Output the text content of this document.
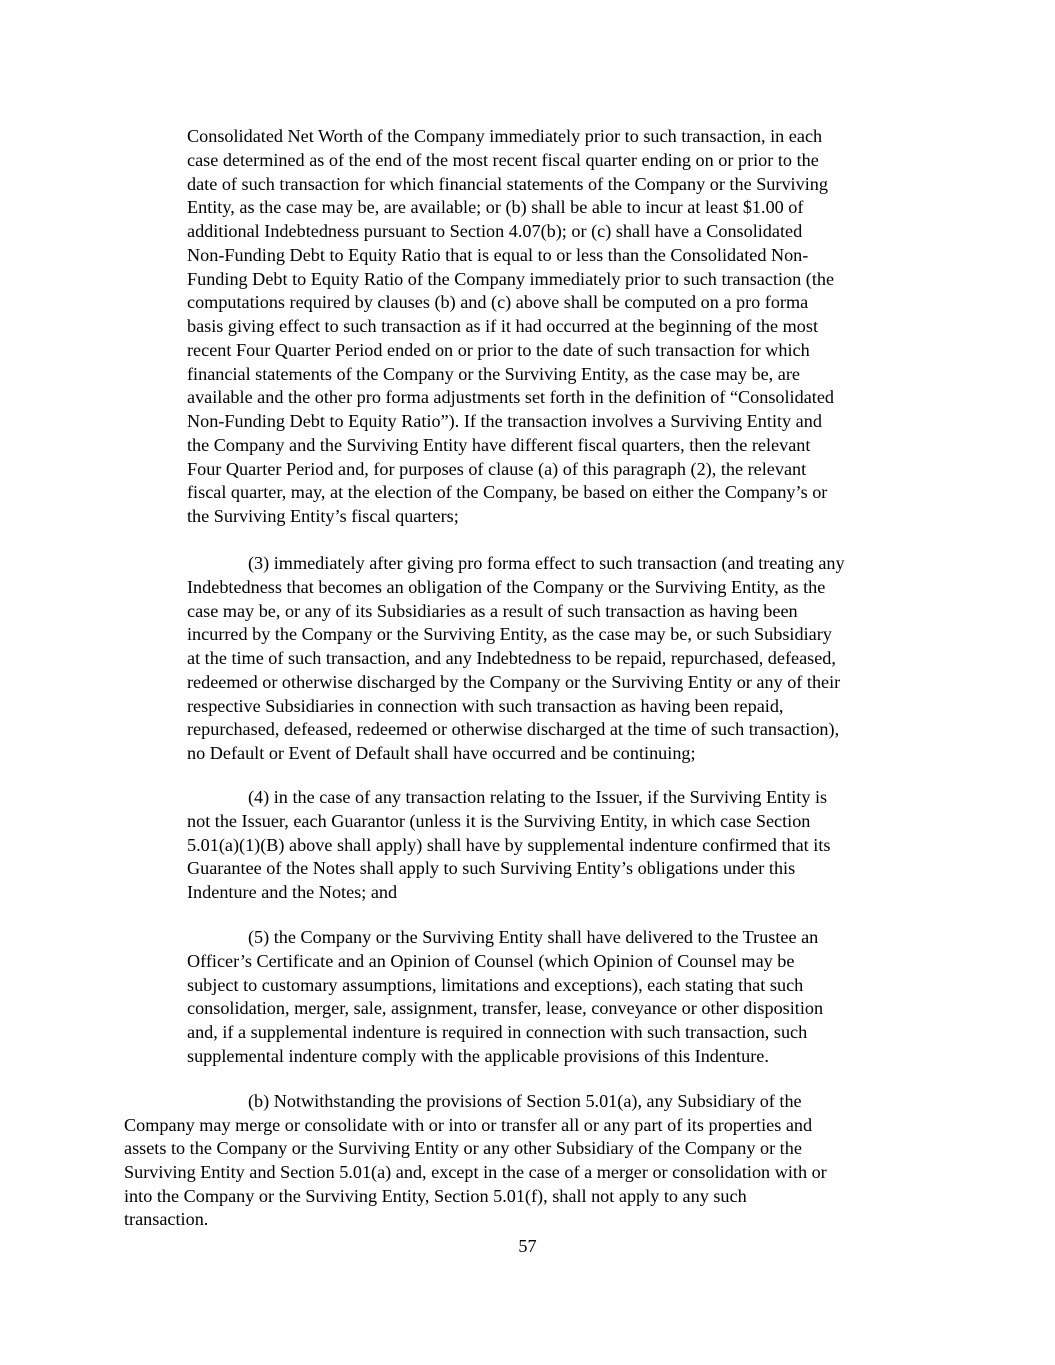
Consolidated Net Worth of the Company immediately prior to such transaction, in each
case determined as of the end of the most recent fiscal quarter ending on or prior to the
date of such transaction for which financial statements of the Company or the Surviving
Entity, as the case may be, are available; or (b) shall be able to incur at least $1.00 of
additional Indebtedness pursuant to Section 4.07(b); or (c) shall have a Consolidated
Non-Funding Debt to Equity Ratio that is equal to or less than the Consolidated Non-
Funding Debt to Equity Ratio of the Company immediately prior to such transaction (the
computations required by clauses (b) and (c) above shall be computed on a pro forma
basis giving effect to such transaction as if it had occurred at the beginning of the most
recent Four Quarter Period ended on or prior to the date of such transaction for which
financial statements of the Company or the Surviving Entity, as the case may be, are
available and the other pro forma adjustments set forth in the definition of “Consolidated
Non-Funding Debt to Equity Ratio”). If the transaction involves a Surviving Entity and
the Company and the Surviving Entity have different fiscal quarters, then the relevant
Four Quarter Period and, for purposes of clause (a) of this paragraph (2), the relevant
fiscal quarter, may, at the election of the Company, be based on either the Company’s or
the Surviving Entity’s fiscal quarters;
(3) immediately after giving pro forma effect to such transaction (and treating any
Indebtedness that becomes an obligation of the Company or the Surviving Entity, as the
case may be, or any of its Subsidiaries as a result of such transaction as having been
incurred by the Company or the Surviving Entity, as the case may be, or such Subsidiary
at the time of such transaction, and any Indebtedness to be repaid, repurchased, defeased,
redeemed or otherwise discharged by the Company or the Surviving Entity or any of their
respective Subsidiaries in connection with such transaction as having been repaid,
repurchased, defeased, redeemed or otherwise discharged at the time of such transaction),
no Default or Event of Default shall have occurred and be continuing;
(4) in the case of any transaction relating to the Issuer, if the Surviving Entity is
not the Issuer, each Guarantor (unless it is the Surviving Entity, in which case Section
5.01(a)(1)(B) above shall apply) shall have by supplemental indenture confirmed that its
Guarantee of the Notes shall apply to such Surviving Entity’s obligations under this
Indenture and the Notes; and
(5) the Company or the Surviving Entity shall have delivered to the Trustee an
Officer’s Certificate and an Opinion of Counsel (which Opinion of Counsel may be
subject to customary assumptions, limitations and exceptions), each stating that such
consolidation, merger, sale, assignment, transfer, lease, conveyance or other disposition
and, if a supplemental indenture is required in connection with such transaction, such
supplemental indenture comply with the applicable provisions of this Indenture.
(b) Notwithstanding the provisions of Section 5.01(a), any Subsidiary of the
Company may merge or consolidate with or into or transfer all or any part of its properties and
assets to the Company or the Surviving Entity or any other Subsidiary of the Company or the
Surviving Entity and Section 5.01(a) and, except in the case of a merger or consolidation with or
into the Company or the Surviving Entity, Section 5.01(f), shall not apply to any such
transaction.
57
